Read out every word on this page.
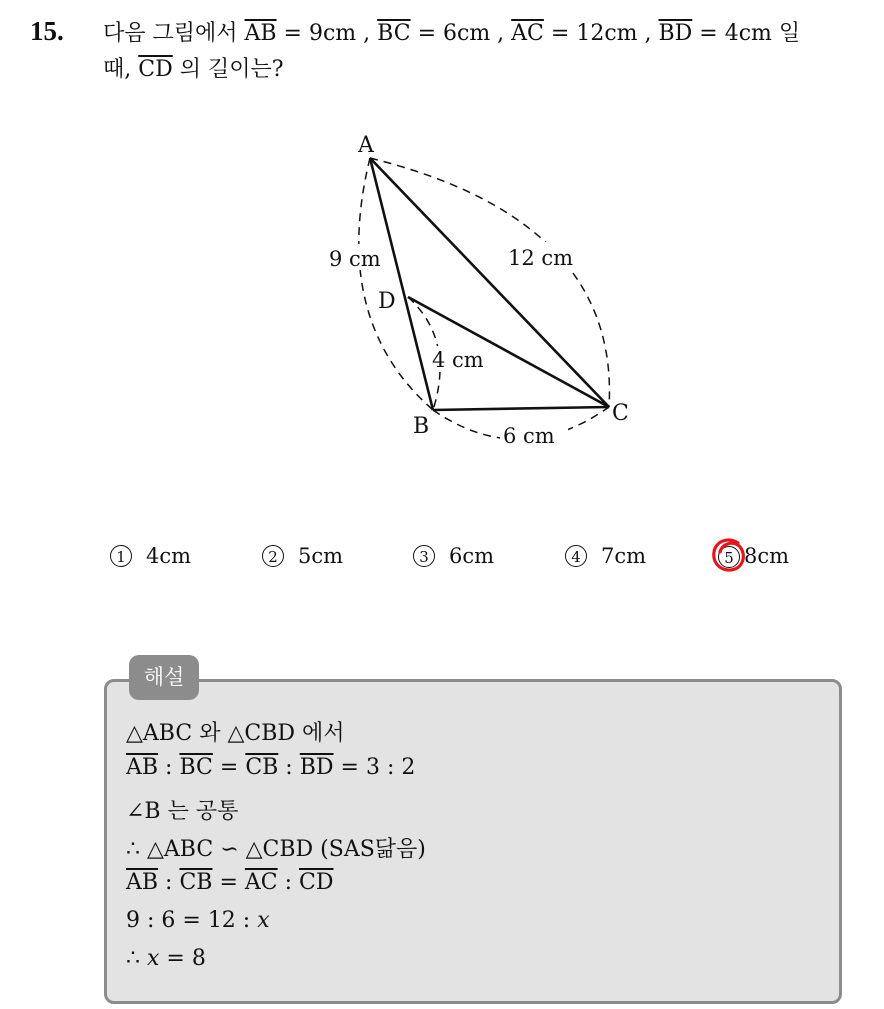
15. 다음 그림에서 $\overline{AB} = 9cm$ , $\overline{BC} = 6cm$ , $\overline{AC} = 12cm$ , $\overline{BD} = 4cm$ 일
때, $\overline{CD}$ 의 길이는?
A
B
C
D
9 cm	12 cm
4 cm
6 cm
1 4cm	2 5cm	3 6cm	4 7cm	5 8cm
해설
△ABC 와 △CBD 에서
$\overline{AB}$ : $\overline{BC} = \overline{CB}$ : $\overline{BD} = 3$ : 2
∠B 는 공통
∴ △ABC ∽ △CBD (SAS닮음)
$\overline{AB}$ : $\overline{CB} = \overline{AC}$ : $\overline{CD}$
9 : 6 = 12 : x
∴ x = 8
